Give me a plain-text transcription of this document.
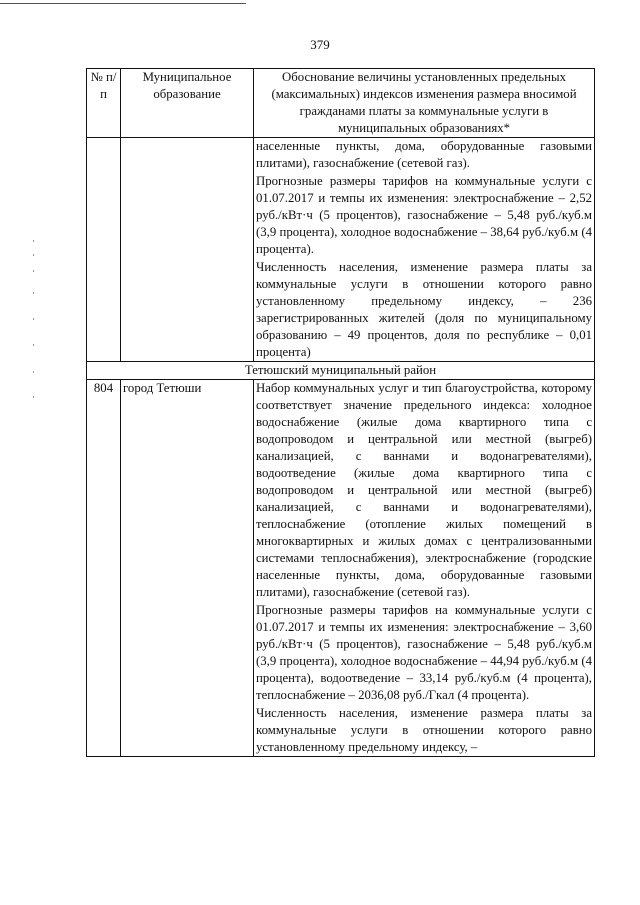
379
№ п/п	Муниципальное образование	Обоснование величины установленных предельных (максимальных) индексов изменения размера вносимой гражданами платы за коммунальные услуги в муниципальных образованиях*

		населенные пункты, дома, оборудованные газовыми плитами), газоснабжение (сетевой газ).

Прогнозные размеры тарифов на коммунальные услуги с 01.07.2017 и темпы их изменения: электроснабжение – 2,52 руб./кВт·ч (5 процентов), газоснабжение – 5,48 руб./куб.м (3,9 процента), холодное водоснабжение – 38,64 руб./куб.м (4 процента).

Численность населения, изменение размера платы за коммунальные услуги в отношении которого равно установленному предельному индексу, – 236 зарегистрированных жителей (доля по муниципальному образованию – 49 процентов, доля по республике – 0,01 процента)

Тетюшский муниципальный район		
804	город Тетюши	Набор коммунальных услуг и тип благоустройства, которому соответствует значение предельного индекса: холодное водоснабжение (жилые дома квартирного типа с водопроводом и центральной или местной (выгреб) канализацией, с ваннами и водонагревателями), водоотведение (жилые дома квартирного типа с водопроводом и центральной или местной (выгреб) канализацией, с ваннами и водонагревателями), теплоснабжение (отопление жилых помещений в многоквартирных и жилых домах с централизованными системами теплоснабжения), электроснабжение (городские населенные пункты, дома, оборудованные газовыми плитами), газоснабжение (сетевой газ).

Прогнозные размеры тарифов на коммунальные услуги с 01.07.2017 и темпы их изменения: электроснабжение – 3,60 руб./кВт·ч (5 процентов), газоснабжение – 5,48 руб./куб.м (3,9 процента), холодное водоснабжение – 44,94 руб./куб.м (4 процента), водоотведение – 33,14 руб./куб.м (4 процента), теплоснабжение – 2036,08 руб./Гкал (4 процента).

Численность населения, изменение размера платы за коммунальные услуги в отношении которого равно установленному предельному индексу, –
